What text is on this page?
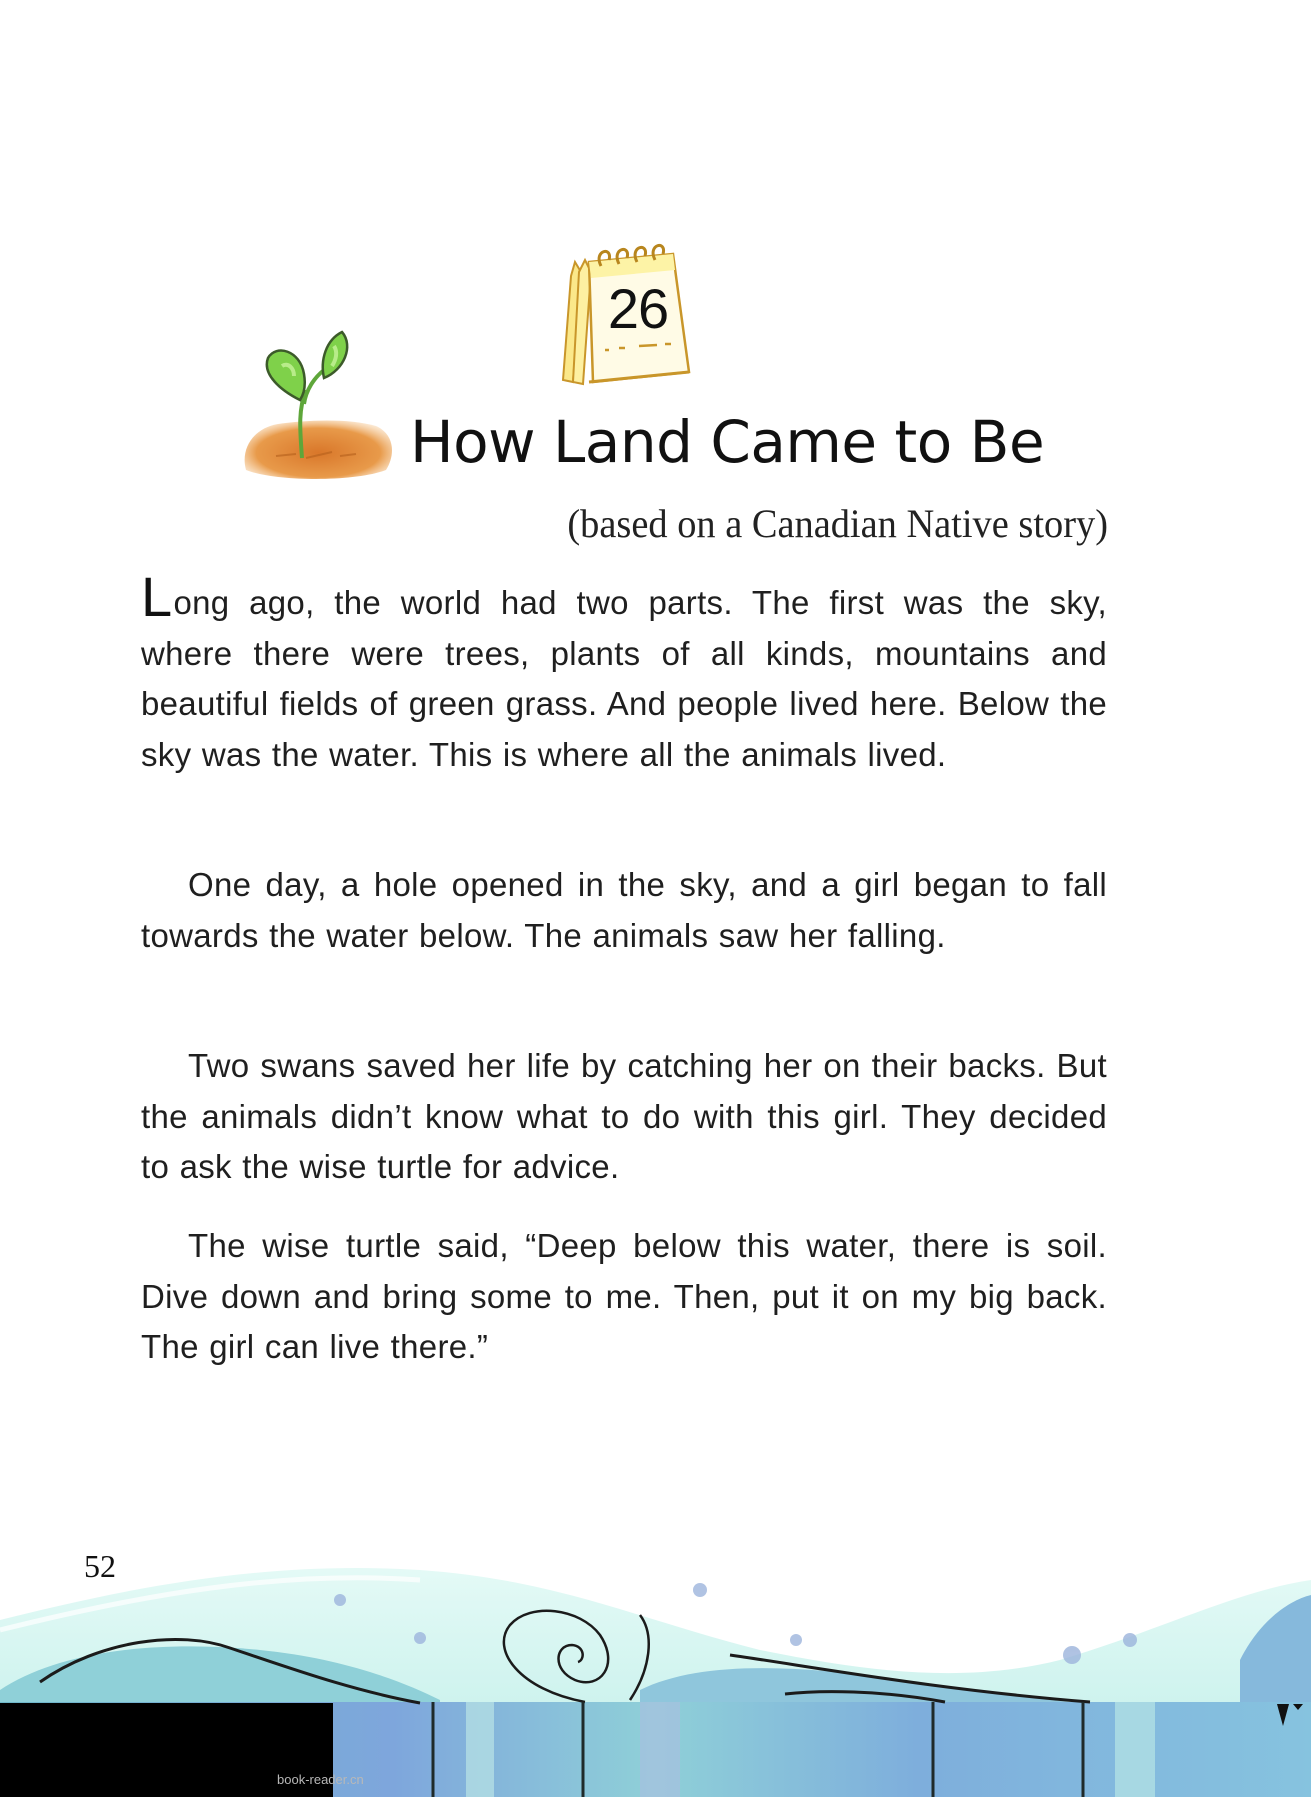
26
How Land Came to Be
(based on a Canadian Native story)

Long ago, the world had two parts. The first was the sky, where there were trees, plants of all kinds, mountains and beautiful fields of green grass. And people lived here. Below the sky was the water. This is where all the animals lived.

One day, a hole opened in the sky, and a girl began to fall towards the water below. The animals saw her falling.

Two swans saved her life by catching her on their backs. But the animals didn’t know what to do with this girl. They decided to ask the wise turtle for advice.

The wise turtle said, “Deep below this water, there is soil. Dive down and bring some to me. Then, put it on my big back. The girl can live there.”

52
book-reader.cn
